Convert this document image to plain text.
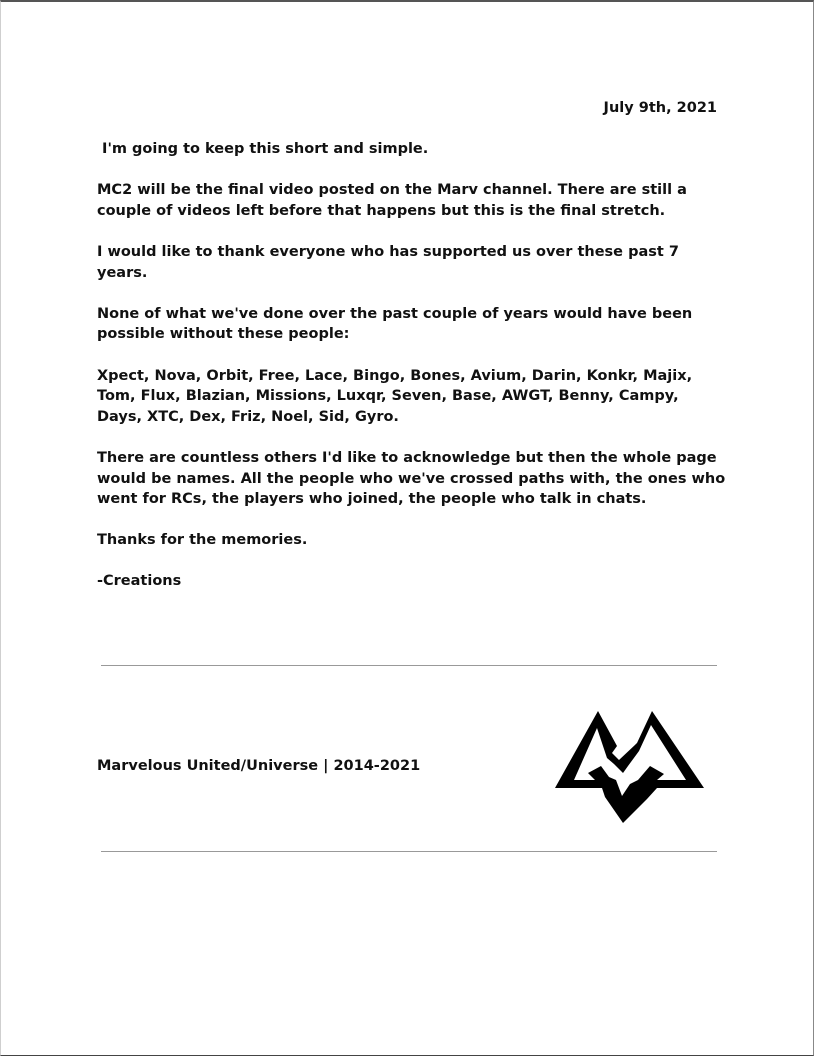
July 9th, 2021

I'm going to keep this short and simple.

MC2 will be the final video posted on the Marv channel. There are still a couple of videos left before that happens but this is the final stretch.

I would like to thank everyone who has supported us over these past 7 years.

None of what we've done over the past couple of years would have been possible without these people:

Xpect, Nova, Orbit, Free, Lace, Bingo, Bones, Avium, Darin, Konkr, Majix, Tom, Flux, Blazian, Missions, Luxqr, Seven, Base, AWGT, Benny, Campy, Days, XTC, Dex, Friz, Noel, Sid, Gyro.

There are countless others I'd like to acknowledge but then the whole page would be names. All the people who we've crossed paths with, the ones who went for RCs, the players who joined, the people who talk in chats.

Thanks for the memories.

-Creations

Marvelous United/Universe | 2014-2021
